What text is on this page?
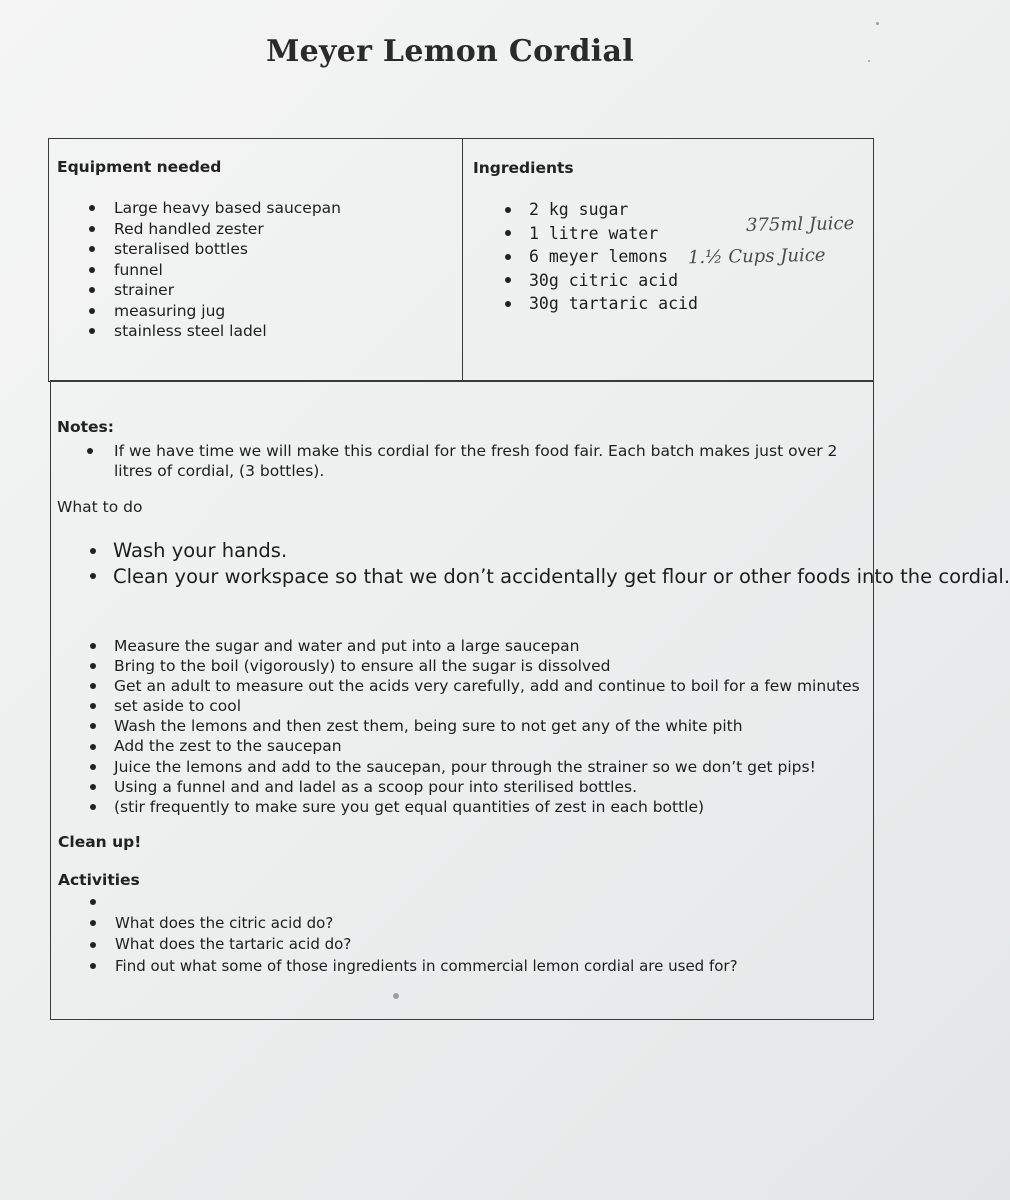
Meyer Lemon Cordial
Equipment needed
Large heavy based saucepan
Red handled zester
steralised bottles
funnel
strainer
measuring jug
stainless steel ladel
Ingredients
2 kg sugar
1 litre water
6 meyer lemons
30g citric acid
30g tartaric acid
375ml Juice
1.½ Cups Juice
Notes:
If we have time we will make this cordial for the fresh food fair. Each batch makes just over 2 litres of cordial, (3 bottles).
What to do
Wash your hands.
Clean your workspace so that we don’t accidentally get flour or other foods into the cordial.
Measure the sugar and water and put into a large saucepan
Bring to the boil (vigorously) to ensure all the sugar is dissolved
Get an adult to measure out the acids very carefully, add and continue to boil for a few minutes
set aside to cool
Wash the lemons and then zest them, being sure to not get any of the white pith
Add the zest to the saucepan
Juice the lemons and add to the saucepan, pour through the strainer so we don’t get pips!
Using a funnel and and ladel as a scoop pour into sterilised bottles.
(stir frequently to make sure you get equal quantities of zest in each bottle)
Clean up!
Activities
What does the citric acid do?
What does the tartaric acid do?
Find out what some of those ingredients in commercial lemon cordial are used for?
